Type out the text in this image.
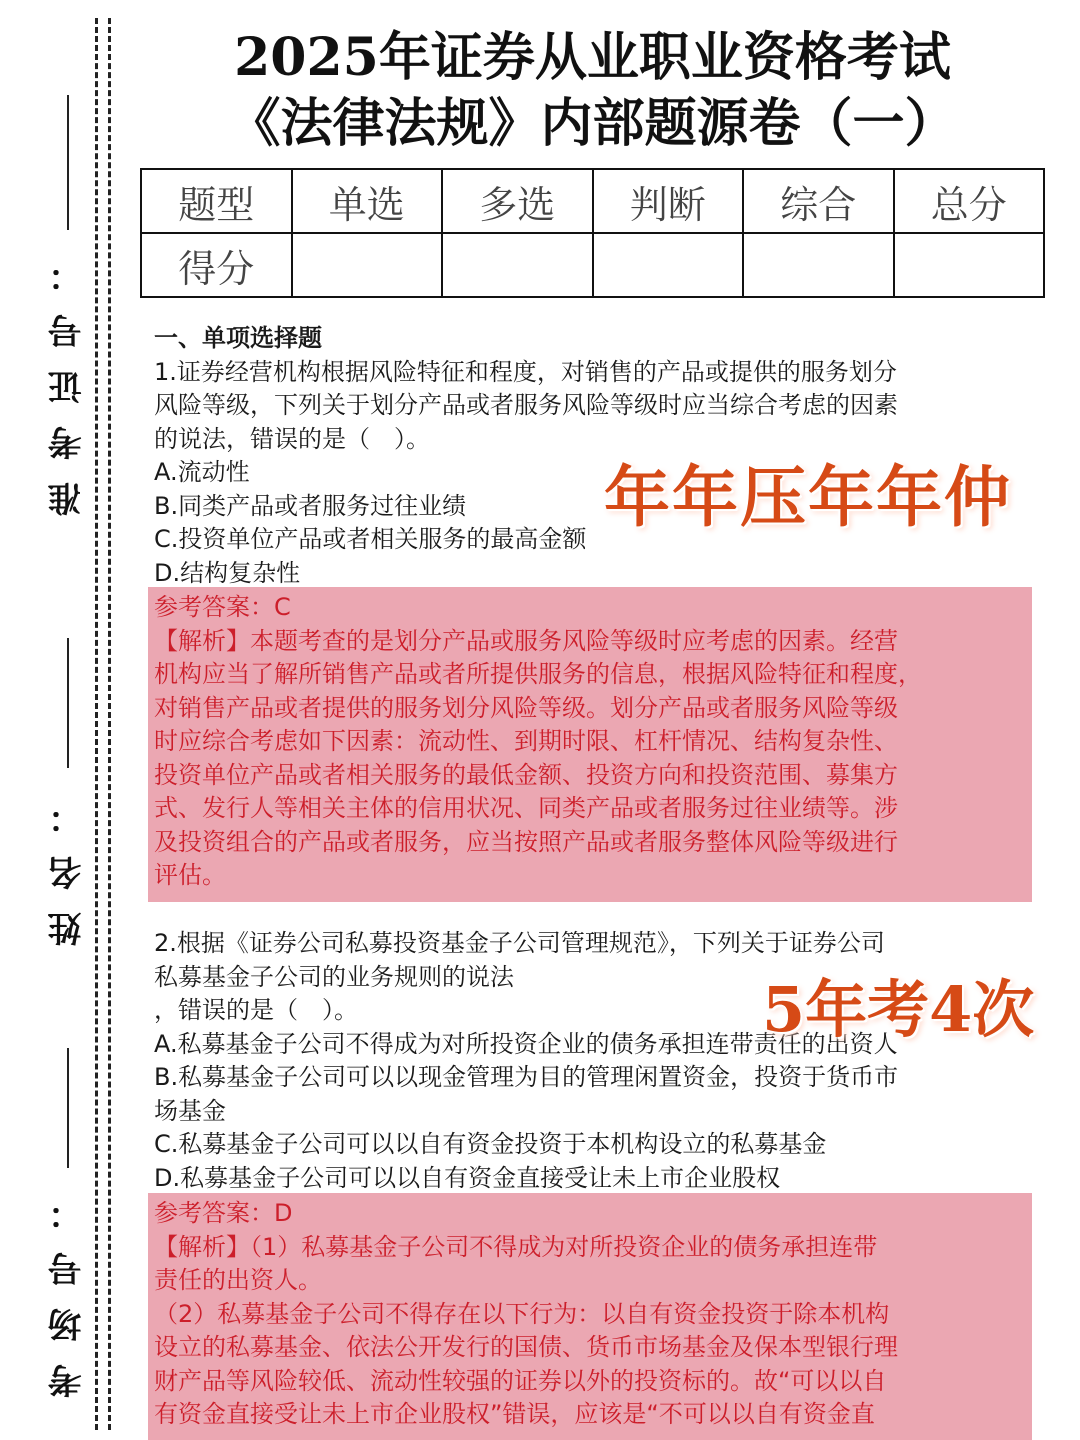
准考证号：
姓名：
考场号：
2025年证券从业职业资格考试
《法律法规》内部题源卷（一）
题型	单选	多选	判断	综合	总分
得分					
一、单项选择题
1.证券经营机构根据风险特征和程度，对销售的产品或提供的服务划分
风险等级，下列关于划分产品或者服务风险等级时应当综合考虑的因素
的说法，错误的是（　）。
A.流动性
B.同类产品或者服务过往业绩
C.投资单位产品或者相关服务的最高金额
D.结构复杂性
参考答案：C
【解析】本题考查的是划分产品或服务风险等级时应考虑的因素。经营
机构应当了解所销售产品或者所提供服务的信息，根据风险特征和程度，
对销售产品或者提供的服务划分风险等级。划分产品或者服务风险等级
时应综合考虑如下因素：流动性、到期时限、杠杆情况、结构复杂性、
投资单位产品或者相关服务的最低金额、投资方向和投资范围、募集方
式、发行人等相关主体的信用状况、同类产品或者服务过往业绩等。涉
及投资组合的产品或者服务，应当按照产品或者服务整体风险等级进行
评估。
2.根据《证券公司私募投资基金子公司管理规范》，下列关于证券公司
私募基金子公司的业务规则的说法
，错误的是（　）。
A.私募基金子公司不得成为对所投资企业的债务承担连带责任的出资人
B.私募基金子公司可以以现金管理为目的管理闲置资金，投资于货币市
场基金
C.私募基金子公司可以以自有资金投资于本机构设立的私募基金
D.私募基金子公司可以以自有资金直接受让未上市企业股权
参考答案：D
【解析】（1）私募基金子公司不得成为对所投资企业的债务承担连带
责任的出资人。
（2）私募基金子公司不得存在以下行为：以自有资金投资于除本机构
设立的私募基金、依法公开发行的国债、货币市场基金及保本型银行理
财产品等风险较低、流动性较强的证券以外的投资标的。故“可以以自
有资金直接受让未上市企业股权”错误，应该是“不可以以自有资金直
年年压年年仲
5年考4次
